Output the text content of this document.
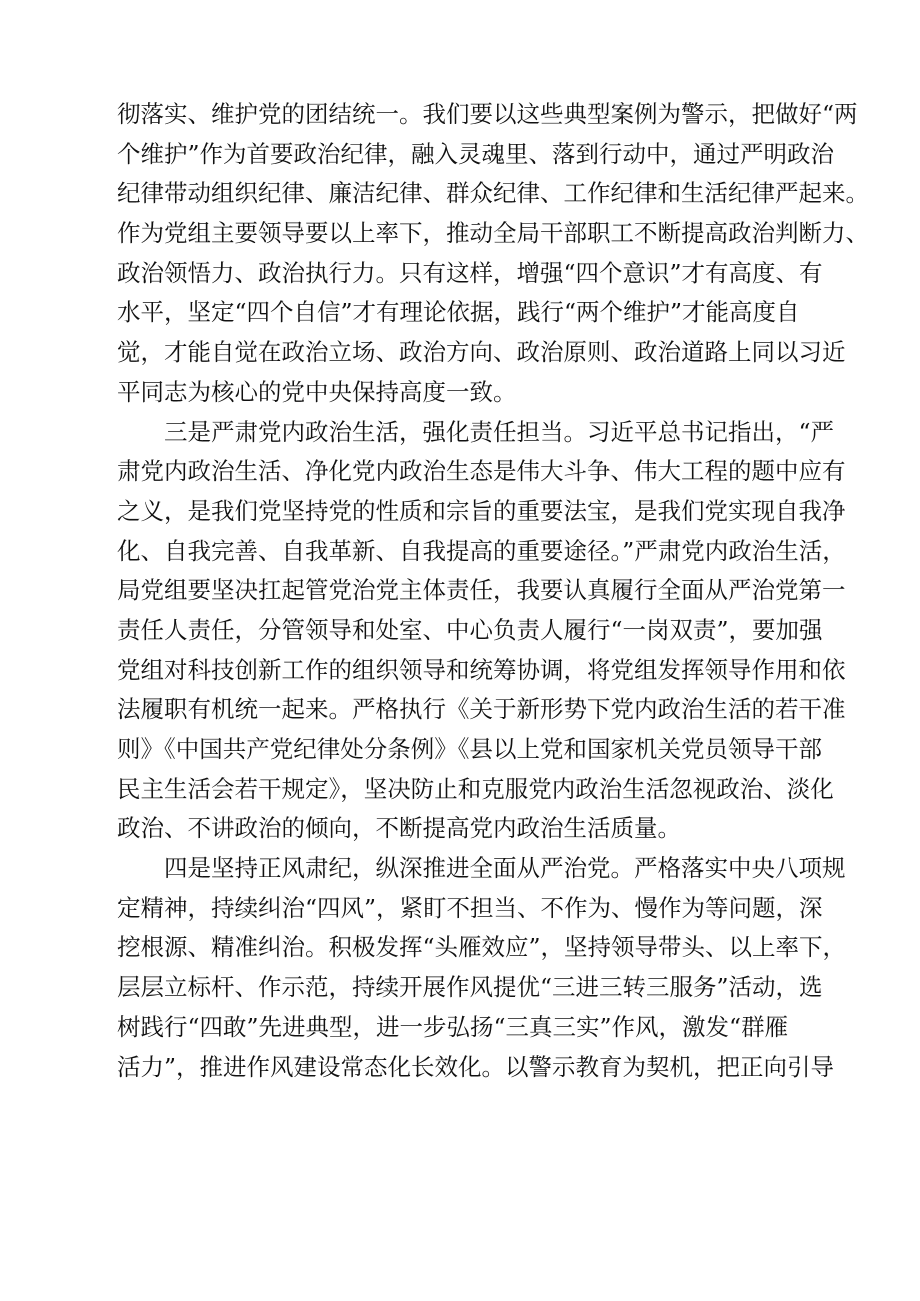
彻落实、维护党的团结统一。我们要以这些典型案例为警示，把做好“两
个维护”作为首要政治纪律，融入灵魂里、落到行动中，通过严明政治
纪律带动组织纪律、廉洁纪律、群众纪律、工作纪律和生活纪律严起来。
作为党组主要领导要以上率下，推动全局干部职工不断提高政治判断力、
政治领悟力、政治执行力。只有这样，增强“四个意识”才有高度、有
水平，坚定“四个自信”才有理论依据，践行“两个维护”才能高度自
觉，才能自觉在政治立场、政治方向、政治原则、政治道路上同以习近
平同志为核心的党中央保持高度一致。
三是严肃党内政治生活，强化责任担当。习近平总书记指出，“严
肃党内政治生活、净化党内政治生态是伟大斗争、伟大工程的题中应有
之义，是我们党坚持党的性质和宗旨的重要法宝，是我们党实现自我净
化、自我完善、自我革新、自我提高的重要途径。”严肃党内政治生活，
局党组要坚决扛起管党治党主体责任，我要认真履行全面从严治党第一
责任人责任，分管领导和处室、中心负责人履行“一岗双责”，要加强
党组对科技创新工作的组织领导和统筹协调，将党组发挥领导作用和依
法履职有机统一起来。严格执行《关于新形势下党内政治生活的若干准
则》《中国共产党纪律处分条例》《县以上党和国家机关党员领导干部
民主生活会若干规定》，坚决防止和克服党内政治生活忽视政治、淡化
政治、不讲政治的倾向，不断提高党内政治生活质量。
四是坚持正风肃纪，纵深推进全面从严治党。严格落实中央八项规
定精神，持续纠治“四风”，紧盯不担当、不作为、慢作为等问题，深
挖根源、精准纠治。积极发挥“头雁效应”，坚持领导带头、以上率下，
层层立标杆、作示范，持续开展作风提优“三进三转三服务”活动，选
树践行“四敢”先进典型，进一步弘扬“三真三实”作风，激发“群雁
活力”，推进作风建设常态化长效化。以警示教育为契机，把正向引导
